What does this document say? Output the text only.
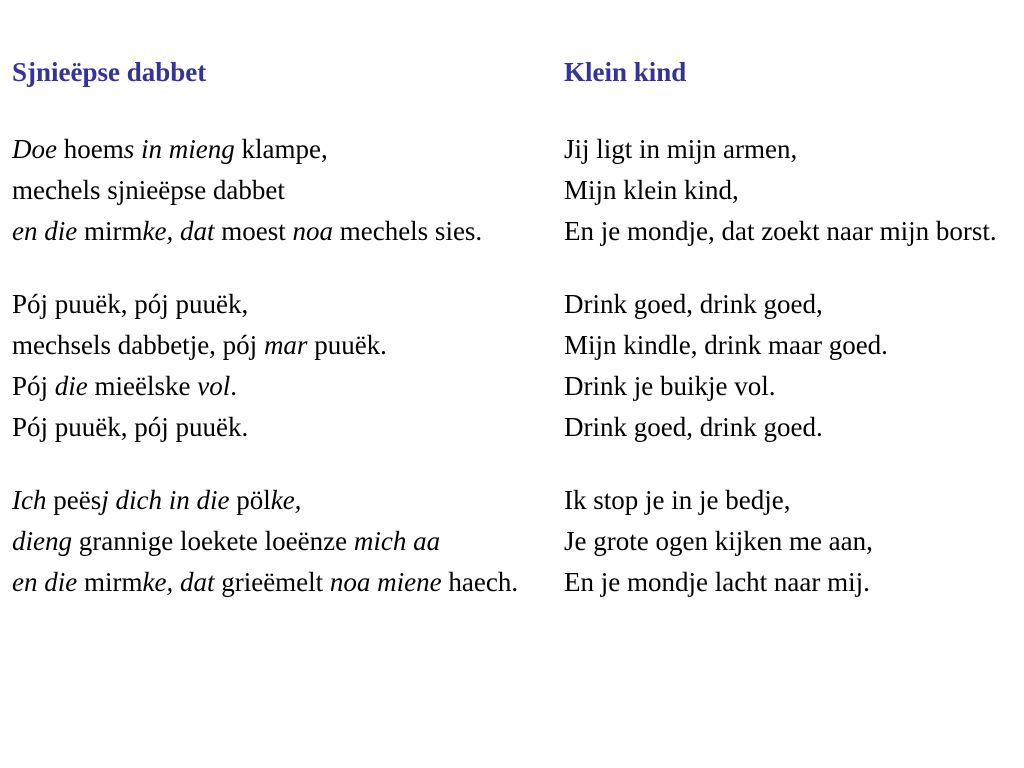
Sjnieëpse dabbet
Doe hoems in mieng klampe,
mechels sjnieëpse dabbet
en die mirmke, dat moest noa mechels sies.
Pój puuëk, pój puuëk,
mechsels dabbetje, pój mar puuëk.
Pój die mieëlske vol.
Pój puuëk, pój puuëk.
Ich peësj dich in die pölke,
dieng grannige loekete loeënze mich aa
en die mirmke, dat grieëmelt noa miene haech.
Klein kind
Jij ligt in mijn armen,
Mijn klein kind,
En je mondje, dat zoekt naar mijn borst.
Drink goed, drink goed,
Mijn kindle, drink maar goed.
Drink je buikje vol.
Drink goed, drink goed.
Ik stop je in je bedje,
Je grote ogen kijken me aan,
En je mondje lacht naar mij.
